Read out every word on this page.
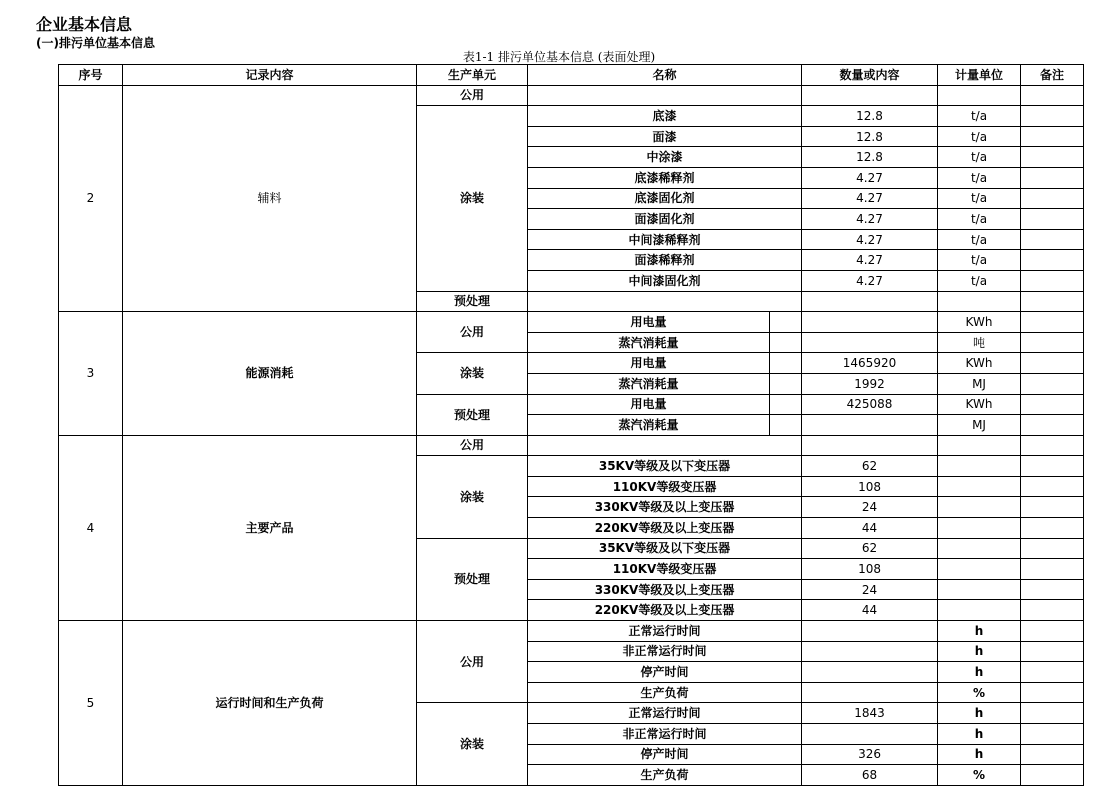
企业基本信息
(一)排污单位基本信息
表1-1 排污单位基本信息 (表面处理)
序号	记录内容	生产单元	名称		数量或内容	计量单位	备注
2	辅料	公用					
		涂装	底漆		12.8	t/a	
			面漆		12.8	t/a	
			中涂漆		12.8	t/a	
			底漆稀释剂		4.27	t/a	
			底漆固化剂		4.27	t/a	
			面漆固化剂		4.27	t/a	
			中间漆稀释剂		4.27	t/a	
			面漆稀释剂		4.27	t/a	
			中间漆固化剂		4.27	t/a	
		预处理					
3	能源消耗	公用	用电量			KWh	
			蒸汽消耗量			吨	
		涂装	用电量		1465920	KWh	
			蒸汽消耗量		1992	MJ	
		预处理	用电量		425088	KWh	
			蒸汽消耗量			MJ	
4	主要产品	公用					
		涂装	35KV等级及以下变压器		62		
			110KV等级变压器		108		
			330KV等级及以上变压器		24		
			220KV等级及以上变压器		44		
		预处理	35KV等级及以下变压器		62		
			110KV等级变压器		108		
			330KV等级及以上变压器		24		
			220KV等级及以上变压器		44		
5	运行时间和生产负荷	公用	正常运行时间			h	
			非正常运行时间			h	
			停产时间			h	
			生产负荷			%	
		涂装	正常运行时间		1843	h	
			非正常运行时间			h	
			停产时间		326	h	
			生产负荷		68	%	
